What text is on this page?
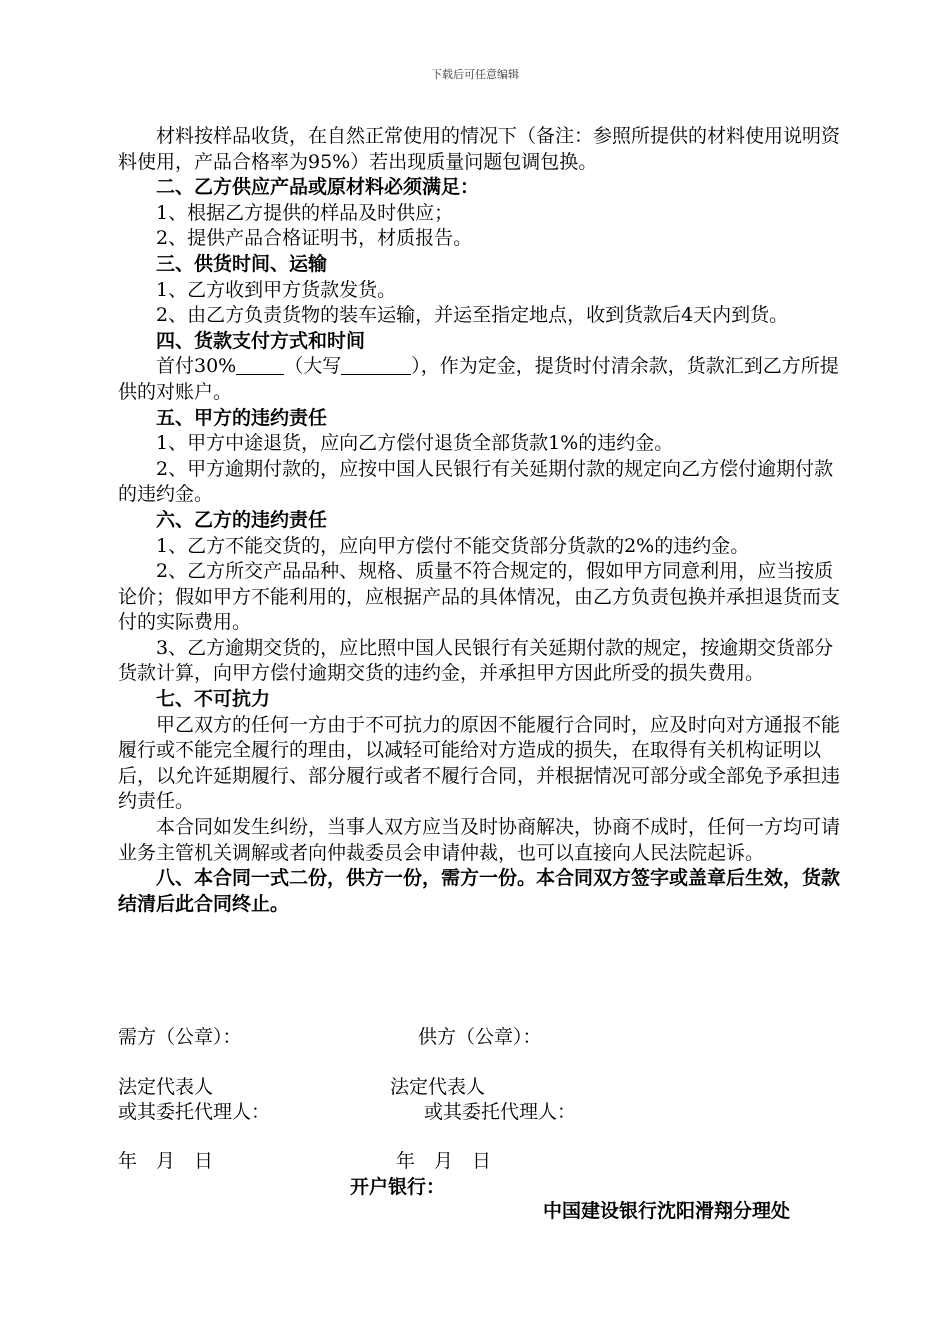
下载后可任意编辑

材料按样品收货，在自然正常使用的情况下（备注：参照所提供的材料使用说明资料使用，产品合格率为95%）若出现质量问题包调包换。

二、乙方供应产品或原材料必须满足：

1、根据乙方提供的样品及时供应；

2、提供产品合格证明书，材质报告。

三、供货时间、运输

1、乙方收到甲方货款发货。

2、由乙方负责货物的装车运输，并运至指定地点，收到货款后4天内到货。

四、货款支付方式和时间

首付30%	（大写	），作为定金，提货时付清余款，货款汇到乙方所提供的对账户。

五、甲方的违约责任

1、甲方中途退货，应向乙方偿付退货全部货款1%的违约金。

2、甲方逾期付款的，应按中国人民银行有关延期付款的规定向乙方偿付逾期付款的违约金。

六、乙方的违约责任

1、乙方不能交货的，应向甲方偿付不能交货部分货款的2%的违约金。

2、乙方所交产品品种、规格、质量不符合规定的，假如甲方同意利用，应当按质论价；假如甲方不能利用的，应根据产品的具体情况，由乙方负责包换并承担退货而支付的实际费用。

3、乙方逾期交货的，应比照中国人民银行有关延期付款的规定，按逾期交货部分货款计算，向甲方偿付逾期交货的违约金，并承担甲方因此所受的损失费用。

七、不可抗力

甲乙双方的任何一方由于不可抗力的原因不能履行合同时，应及时向对方通报不能履行或不能完全履行的理由，以减轻可能给对方造成的损失，在取得有关机构证明以后，以允许延期履行、部分履行或者不履行合同，并根据情况可部分或全部免予承担违约责任。

本合同如发生纠纷，当事人双方应当及时协商解决，协商不成时，任何一方均可请业务主管机关调解或者向仲裁委员会申请仲裁，也可以直接向人民法院起诉。

八、本合同一式二份，供方一份，需方一份。本合同双方签字或盖章后生效，货款结清后此合同终止。

需方（公章）：	供方（公章）：
法定代表人	法定代表人
或其委托代理人：	或其委托代理人：
年　月　日	年　月　日
开户银行：
中国建设银行沈阳滑翔分理处
